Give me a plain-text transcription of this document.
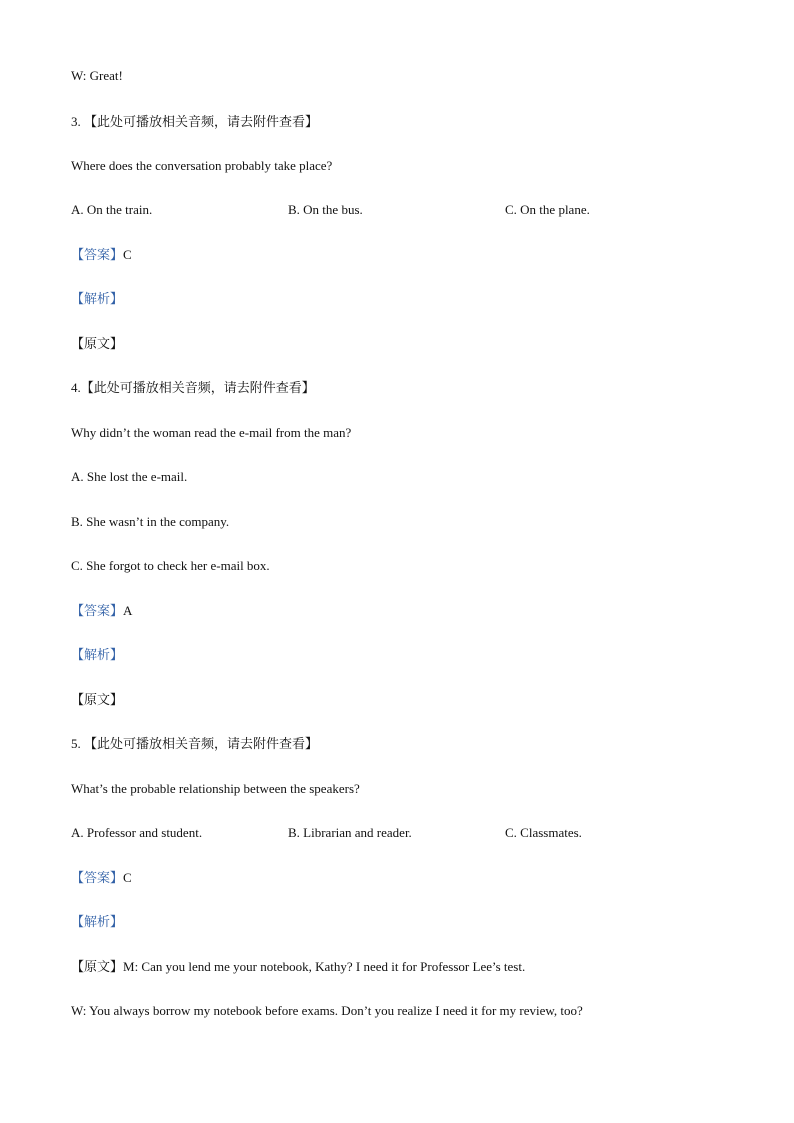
W: Great!
3. 【此处可播放相关音频，请去附件查看】
Where does the conversation probably take place?
A. On the train.	B. On the bus.	C. On the plane.
【答案】C
【解析】
【原文】
4.【此处可播放相关音频，请去附件查看】
Why didn’t the woman read the e-mail from the man?
A. She lost the e-mail.
B. She wasn’t in the company.
C. She forgot to check her e-mail box.
【答案】A
【解析】
【原文】
5. 【此处可播放相关音频，请去附件查看】
What’s the probable relationship between the speakers?
A. Professor and student.	B. Librarian and reader.	C. Classmates.
【答案】C
【解析】
【原文】M: Can you lend me your notebook, Kathy? I need it for Professor Lee’s test.
W: You always borrow my notebook before exams. Don’t you realize I need it for my review, too?
